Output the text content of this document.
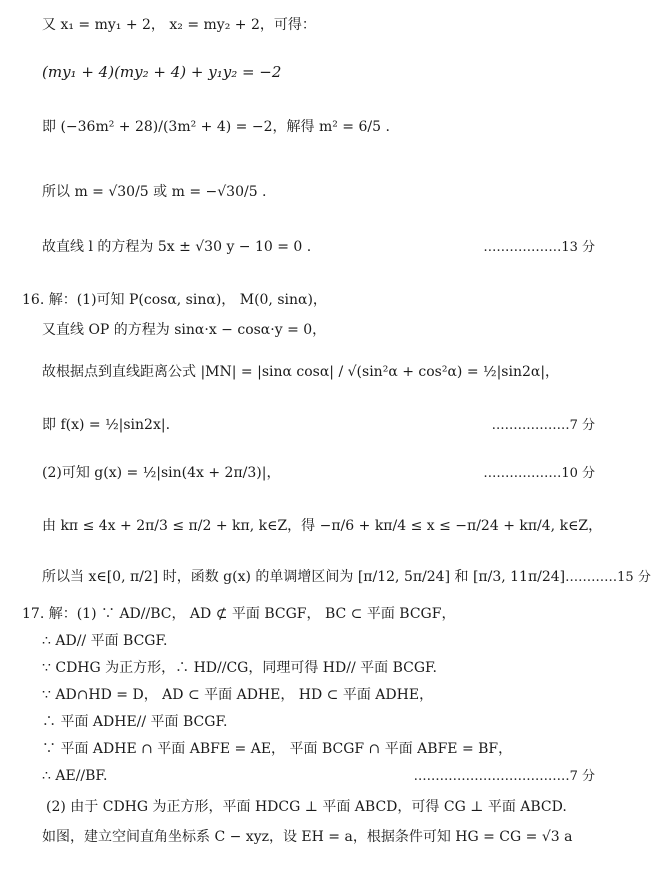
又 x₁ = my₁ + 2， x₂ = my₂ + 2，可得：
(my₁ + 4)(my₂ + 4) + y₁y₂ = −2
即 (−36m² + 28)/(3m² + 4) = −2，解得 m² = 6/5 .
所以 m = √30/5 或 m = −√30/5 .
故直线 l 的方程为 5x ± √30 y − 10 = 0 .	………………13 分
16. 解：(1)可知 P(cosα, sinα)， M(0, sinα)，
又直线 OP 的方程为 sinα·x − cosα·y = 0，
故根据点到直线距离公式 |MN| = |sinα cosα| / √(sin²α + cos²α) = ½|sin2α|，
即 f(x) = ½|sin2x|.	………………7 分
(2)可知 g(x) = ½|sin(4x + 2π/3)|，	………………10 分
由 kπ ≤ 4x + 2π/3 ≤ π/2 + kπ, k∈Z，得 −π/6 + kπ/4 ≤ x ≤ −π/24 + kπ/4, k∈Z，
所以当 x∈[0, π/2] 时，函数 g(x) 的单调增区间为 [π/12, 5π/24] 和 [π/3, 11π/24] …………15 分
17. 解：(1) ∵ AD//BC， AD ⊄ 平面 BCGF， BC ⊂ 平面 BCGF，
∴ AD// 平面 BCGF.
∵ CDHG 为正方形，∴ HD//CG，同理可得 HD// 平面 BCGF.
∵ AD∩HD = D， AD ⊂ 平面 ADHE， HD ⊂ 平面 ADHE，
∴ 平面 ADHE// 平面 BCGF.
∵ 平面 ADHE ∩ 平面 ABFE = AE， 平面 BCGF ∩ 平面 ABFE = BF，
∴ AE//BF.	………………………………7 分
(2) 由于 CDHG 为正方形，平面 HDCG ⊥ 平面 ABCD，可得 CG ⊥ 平面 ABCD.
如图，建立空间直角坐标系 C − xyz，设 EH = a，根据条件可知 HG = CG = √3 a
